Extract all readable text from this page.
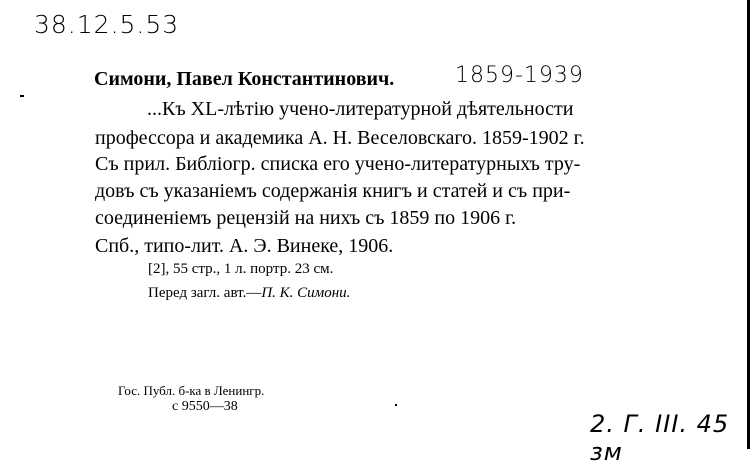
38.12.5.53
Симони, Павел Константинович.	1859-1939
...Къ XL-лѣтію учено-литературной дѣятельности
профессора и академика А. Н. Веселовскаго. 1859-1902 г.
Съ прил. Библіогр. списка его учено-литературныхъ тру-
довъ съ указаніемъ содержанія книгъ и статей и съ при-
соединеніемъ рецензій на нихъ съ 1859 по 1906 г.
Спб., типо-лит. А. Э. Винеке, 1906.
[2], 55 стр., 1 л. портр. 23 см.
Перед загл. авт.—П. К. Симони.
Гос. Публ. б-ка в Ленингр.
с 9550—38
2. Г. III. 45 зм
